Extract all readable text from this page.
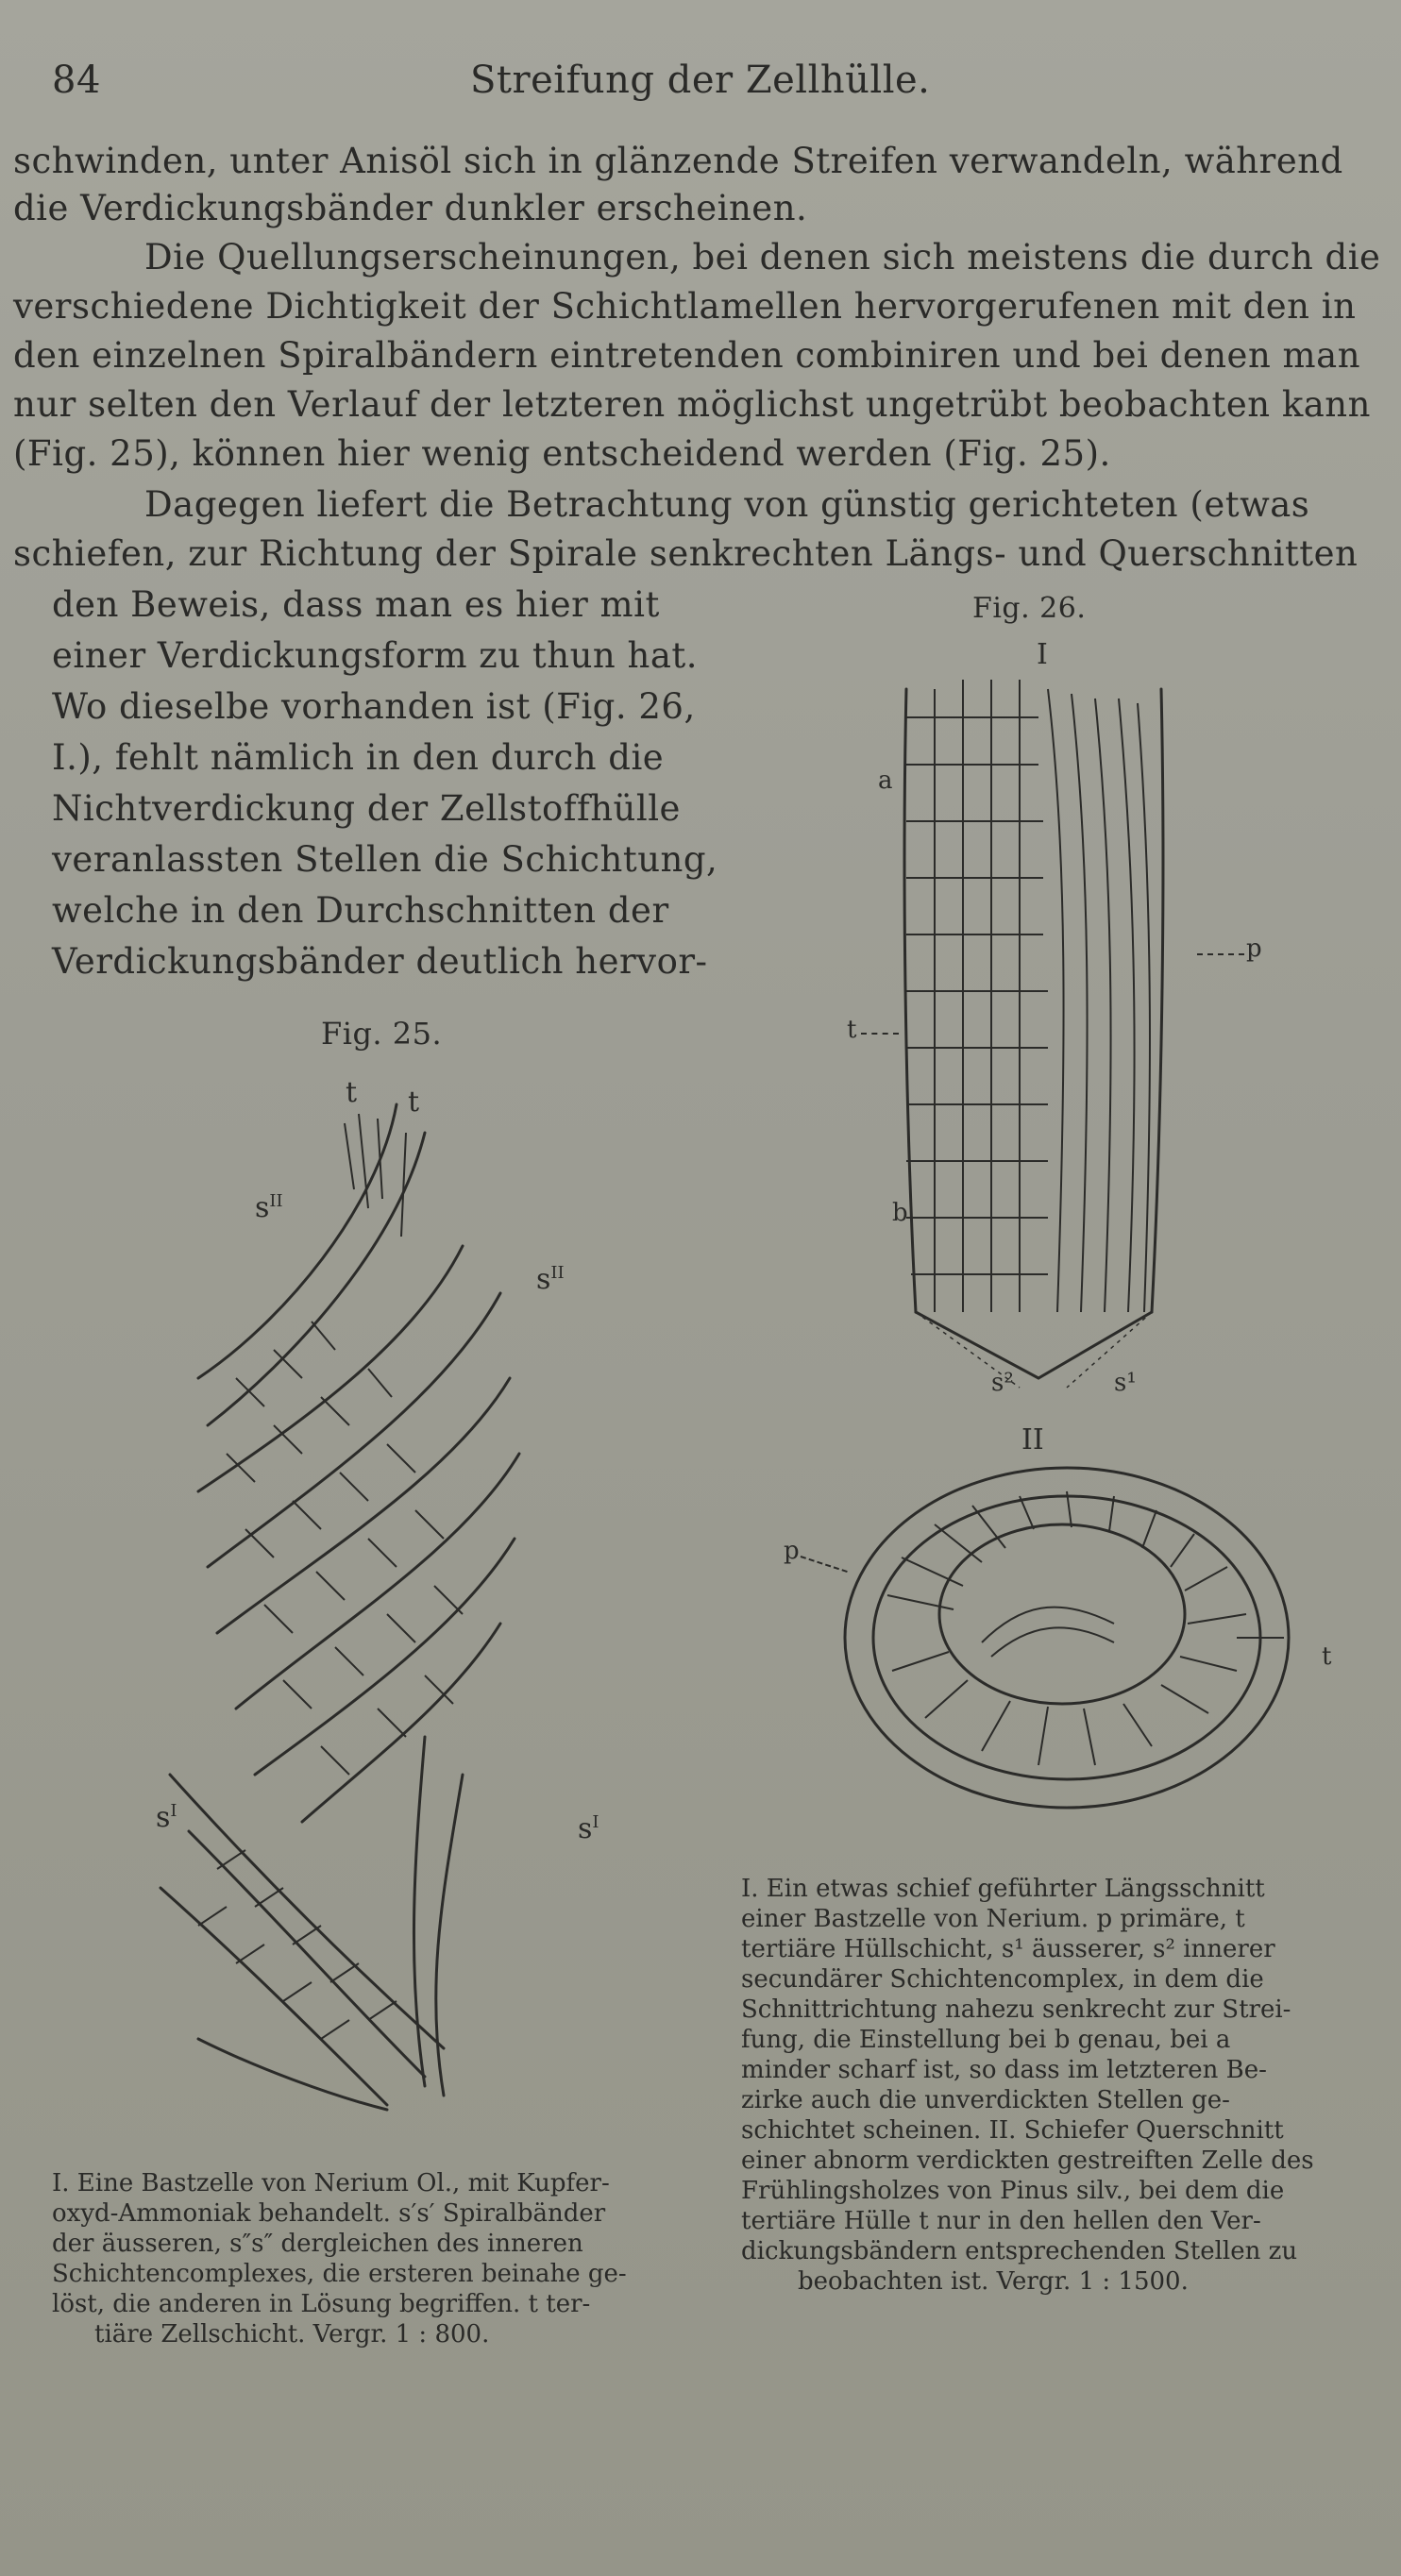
84	Streifung der Zellhülle.
schwinden, unter Anisöl sich in glänzende Streifen verwandeln, während
die Verdickungsbänder dunkler erscheinen.
Die Quellungserscheinungen, bei denen sich meistens die durch die
verschiedene Dichtigkeit der Schichtlamellen hervorgerufenen mit den in
den einzelnen Spiralbändern eintretenden combiniren und bei denen man
nur selten den Verlauf der letzteren möglichst ungetrübt beobachten kann
(Fig. 25), können hier wenig entscheidend werden (Fig. 25).
Dagegen liefert die Betrachtung von günstig gerichteten (etwas
schiefen, zur Richtung der Spirale senkrechten Längs- und Querschnitten
den Beweis, dass man es hier mit
einer Verdickungsform zu thun hat.
Wo dieselbe vorhanden ist (Fig. 26,
I.), fehlt nämlich in den durch die
Nichtverdickung der Zellstoffhülle
veranlassten Stellen die Schichtung,
welche in den Durchschnitten der
Verdickungsbänder deutlich hervor-
Fig. 25.
t t
$s^{II}$
$s^{II}$
$s^I$
$s^I$
I. Eine Bastzelle von Nerium Ol., mit Kupfer-
oxyd-Ammoniak behandelt. s′s′ Spiralbänder
der äusseren, s″s″ dergleichen des inneren
Schichtencomplexes, die ersteren beinahe ge-
löst, die anderen in Lösung begriffen. t ter-
tiäre Zellschicht. Vergr. 1 : 800.
Fig. 26.
I
a
p
t
b
s²	s¹
II
p
t
I. Ein etwas schief geführter Längsschnitt
einer Bastzelle von Nerium. p primäre, t
tertiäre Hüllschicht, s¹ äusserer, s² innerer
secundärer Schichtencomplex, in dem die
Schnittrichtung nahezu senkrecht zur Strei-
fung, die Einstellung bei b genau, bei a
minder scharf ist, so dass im letzteren Be-
zirke auch die unverdickten Stellen ge-
schichtet scheinen. II. Schiefer Querschnitt
einer abnorm verdickten gestreiften Zelle des
Frühlingsholzes von Pinus silv., bei dem die
tertiäre Hülle t nur in den hellen den Ver-
dickungsbändern entsprechenden Stellen zu
beobachten ist. Vergr. 1 : 1500.
